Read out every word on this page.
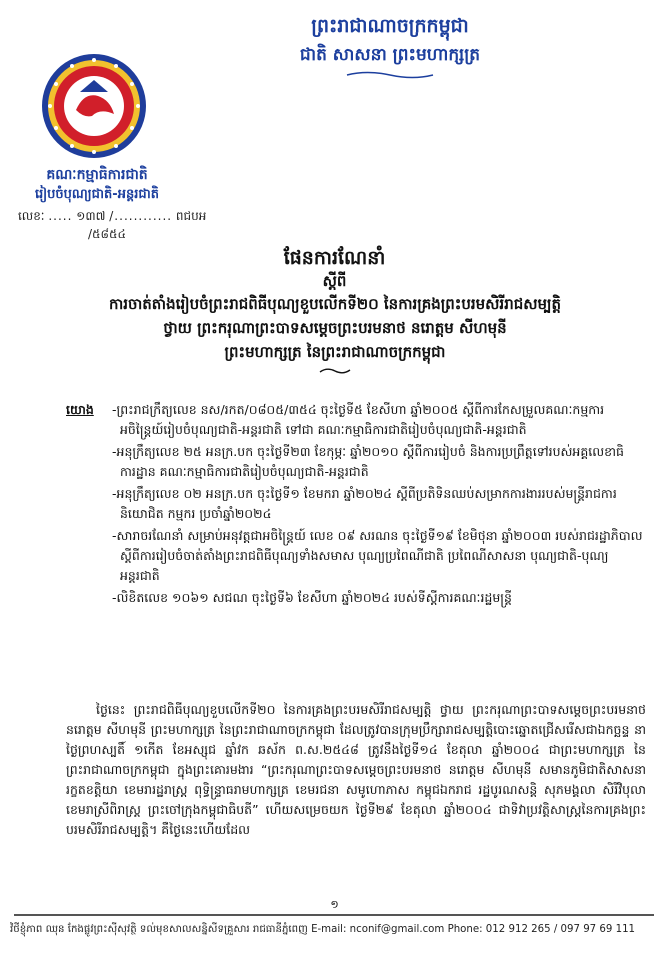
ព្រះរាជាណាចក្រកម្ពុជា
ជាតិ សាសនា ព្រះមហាក្សត្រ
គណៈកម្មាធិការជាតិ
រៀបចំបុណ្យជាតិ-អន្តរជាតិ
លេខៈ ..... ១៣៧ /............ ពជបអ
/៥៨៥៤
ផែនការណែនាំ
ស្តីពី
ការចាត់តាំងរៀបចំព្រះរាជពិធីបុណ្យខួបលើកទី២០ នៃការគ្រងព្រះបរមសិរីរាជសម្បត្តិ
ថ្វាយ ព្រះករុណាព្រះបាទសម្តេចព្រះបរមនាថ នរោត្តម សីហមុនី
ព្រះមហាក្សត្រ នៃព្រះរាជាណាចក្រកម្ពុជា
យោង -ព្រះរាជក្រឹត្យលេខ នស/រកត/០៨០៥/៣៥៤ ចុះថ្ងៃទី៥ ខែសីហា ឆ្នាំ២០០៥ ស្តីពីការកែសម្រួលគណៈកម្មការអចិន្ត្រៃយ៍រៀបចំបុណ្យជាតិ-អន្តរជាតិ ទៅជា គណៈកម្មាធិការជាតិរៀបចំបុណ្យជាតិ-អន្តរជាតិ
-អនុក្រឹត្យលេខ ២៥ អនក្រ.បក ចុះថ្ងៃទី២៣ ខែកុម្ភៈ ឆ្នាំ២០១០ ស្តីពីការរៀបចំ និងការប្រព្រឹត្តទៅរបស់អគ្គលេខាធិការដ្ឋាន គណៈកម្មាធិការជាតិរៀបចំបុណ្យជាតិ-អន្តរជាតិ
-អនុក្រឹត្យលេខ ០២ អនក្រ.បក ចុះថ្ងៃទី១ ខែមករា ឆ្នាំ២០២៤ ស្តីពីប្រតិទិនឈប់សម្រាកការងាររបស់មន្ត្រីរាជការ និយោជិត កម្មករ ប្រចាំឆ្នាំ២០២៤
-សារាចរណែនាំ សម្រាប់អនុវត្តជាអចិន្ត្រៃយ៍ លេខ ០៩ សរណន ចុះថ្ងៃទី១៩ ខែមិថុនា ឆ្នាំ២០០៣ របស់រាជរដ្ឋាភិបាល ស្តីពីការរៀបចំចាត់តាំងព្រះរាជពិធីបុណ្យទាំងសមាស បុណ្យប្រពៃណីជាតិ ប្រពៃណីសាសនា បុណ្យជាតិ-បុណ្យអន្តរជាតិ
-លិខិតលេខ ១០៦១ សជណ ចុះថ្ងៃទី៦ ខែសីហា ឆ្នាំ២០២៤ របស់ទីស្តីការគណៈរដ្ឋមន្ត្រី
ថ្ងៃនេះ ព្រះរាជពិធីបុណ្យខួបលើកទី២០ នៃការគ្រងព្រះបរមសិរីរាជសម្បត្តិ ថ្វាយ ព្រះករុណាព្រះបាទសម្តេចព្រះបរមនាថ នរោត្តម សីហមុនី ព្រះមហាក្សត្រ នៃព្រះរាជាណាចក្រកម្ពុជា ដែលត្រូវបានក្រុមប្រឹក្សារាជសម្បត្តិបោះឆ្នោតជ្រើសរើសជាឯកច្ឆន្ទ នាថ្ងៃព្រហស្បតិ៍ ១កើត ខែអស្សុជ ឆ្នាំវក ឆស័ក ព.ស.២៥៤៨ ត្រូវនឹងថ្ងៃទី១៤ ខែតុលា ឆ្នាំ២០០៤ ជាព្រះមហាក្សត្រ នៃព្រះរាជាណាចក្រកម្ពុជា ក្នុងព្រះគោរមងារ “ព្រះករុណាព្រះបាទសម្តេចព្រះបរមនាថ នរោត្តម សីហមុនី សមានភូមិជាតិសាសនា រក្ខតខត្តិយា ខេមរារដ្ឋរាស្ត្រ ពុទ្ធិន្ទ្រាធរាមហាក្សត្រ ខេមរជនា សមូហោភាស កម្ពុជឯករាជ រដ្ឋបូរណសន្តិ សុភមង្គលា សិរីវិបុលា ខេមរាស្រីពិរាស្ត្រ ព្រះចៅក្រុងកម្ពុជាធិបតី” ហើយសម្រេចយក ថ្ងៃទី២៩ ខែតុលា ឆ្នាំ២០០៤ ជាទិវាប្រវត្តិសាស្ត្រនៃការគ្រងព្រះបរមសិរីរាជសម្បត្តិ។ គឺថ្ងៃនេះហើយដែល
១
វិថីខ្ញុំភាព ឈុន កែងផ្លូវព្រះស៊ីសុវត្ថិ ទល់មុខសាលសន្និសីទគ្រួសារ រាជធានីភ្នំពេញ E-mail: nconif@gmail.com Phone: 012 912 265 / 097 97 69 111
